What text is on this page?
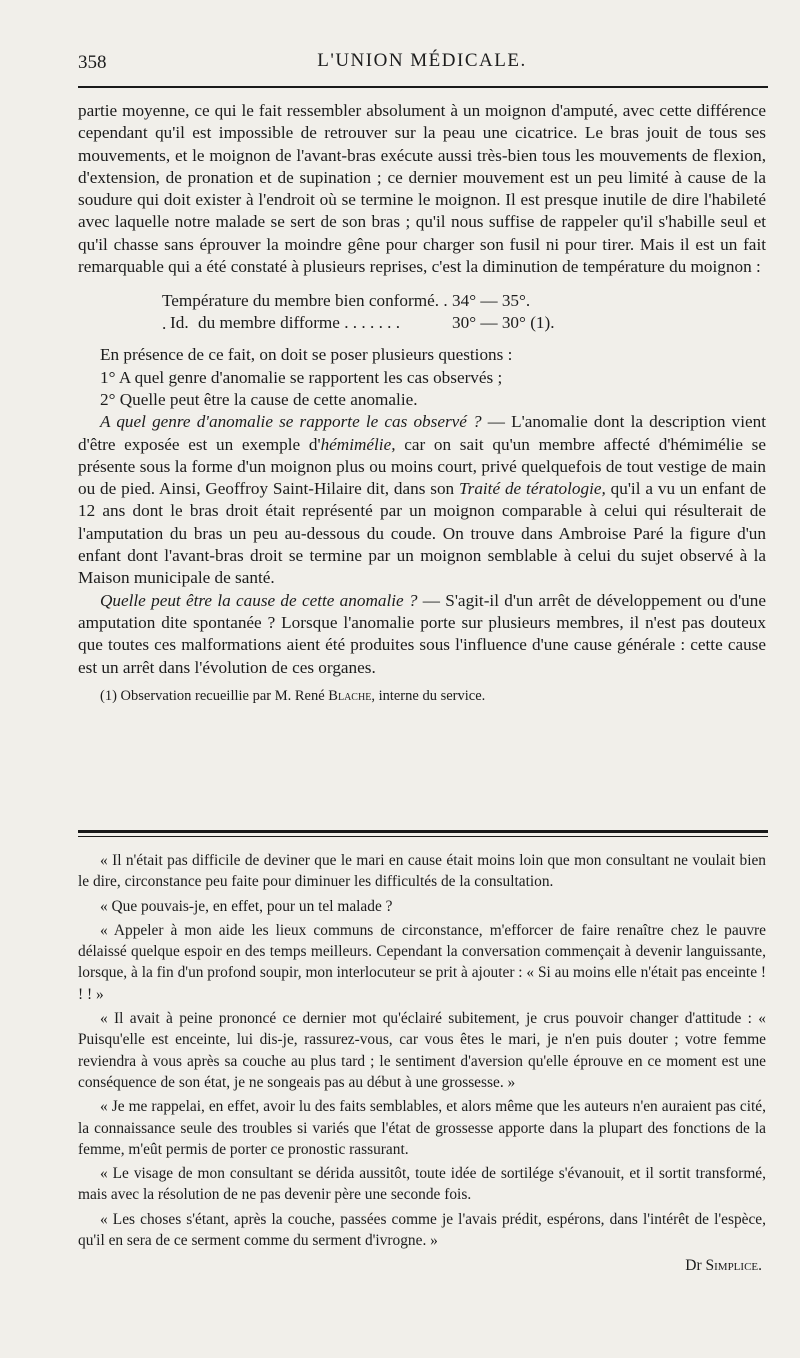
358	L'UNION MÉDICALE.

partie moyenne, ce qui le fait ressembler absolument à un moignon d'amputé, avec cette différence cependant qu'il est impossible de retrouver sur la peau une cicatrice. Le bras jouit de tous ses mouvements, et le moignon de l'avant-bras exécute aussi très-bien tous les mouvements de flexion, d'extension, de pronation et de supination ; ce dernier mouvement est un peu limité à cause de la soudure qui doit exister à l'endroit où se termine le moignon. Il est presque inutile de dire l'habileté avec laquelle notre malade se sert de son bras ; qu'il nous suffise de rappeler qu'il s'habille seul et qu'il chasse sans éprouver la moindre gêne pour charger son fusil ni pour tirer. Mais il est un fait remarquable qui a été constaté à plusieurs reprises, c'est la diminution de température du moignon :

Température du membre bien conformé. . .
34° — 35°.
Id. du membre difforme . . . . . . .	30° — 30° (1).

En présence de ce fait, on doit se poser plusieurs questions :

1° A quel genre d'anomalie se rapportent les cas observés ;

2° Quelle peut être la cause de cette anomalie.

A quel genre d'anomalie se rapporte le cas observé ? — L'anomalie dont la description vient d'être exposée est un exemple d'hémimélie, car on sait qu'un membre affecté d'hémimélie se présente sous la forme d'un moignon plus ou moins court, privé quelquefois de tout vestige de main ou de pied. Ainsi, Geoffroy Saint-Hilaire dit, dans son Traité de tératologie, qu'il a vu un enfant de 12 ans dont le bras droit était représenté par un moignon comparable à celui qui résulterait de l'amputation du bras un peu au-dessous du coude. On trouve dans Ambroise Paré la figure d'un enfant dont l'avant-bras droit se termine par un moignon semblable à celui du sujet observé à la Maison municipale de santé.

Quelle peut être la cause de cette anomalie ? — S'agit-il d'un arrêt de développement ou d'une amputation dite spontanée ? Lorsque l'anomalie porte sur plusieurs membres, il n'est pas douteux que toutes ces malformations aient été produites sous l'influence d'une cause générale : cette cause est un arrêt dans l'évolution de ces organes.

(1) Observation recueillie par M. René Blache, interne du service.

« Il n'était pas difficile de deviner que le mari en cause était moins loin que mon consultant ne voulait bien le dire, circonstance peu faite pour diminuer les difficultés de la consultation.

« Que pouvais-je, en effet, pour un tel malade ?

« Appeler à mon aide les lieux communs de circonstance, m'efforcer de faire renaître chez le pauvre délaissé quelque espoir en des temps meilleurs. Cependant la conversation commençait à devenir languissante, lorsque, à la fin d'un profond soupir, mon interlocuteur se prit à ajouter : « Si au moins elle n'était pas enceinte ! ! ! »

« Il avait à peine prononcé ce dernier mot qu'éclairé subitement, je crus pouvoir changer d'attitude : « Puisqu'elle est enceinte, lui dis-je, rassurez-vous, car vous êtes le mari, je n'en puis douter ; votre femme reviendra à vous après sa couche au plus tard ; le sentiment d'aversion qu'elle éprouve en ce moment est une conséquence de son état, je ne songeais pas au début à une grossesse. »

« Je me rappelai, en effet, avoir lu des faits semblables, et alors même que les auteurs n'en auraient pas cité, la connaissance seule des troubles si variés que l'état de grossesse apporte dans la plupart des fonctions de la femme, m'eût permis de porter ce pronostic rassurant.

« Le visage de mon consultant se dérida aussitôt, toute idée de sortilége s'évanouit, et il sortit transformé, mais avec la résolution de ne pas devenir père une seconde fois.

« Les choses s'étant, après la couche, passées comme je l'avais prédit, espérons, dans l'intérêt de l'espèce, qu'il en sera de ce serment comme du serment d'ivrogne. »

Dr Simplice.
